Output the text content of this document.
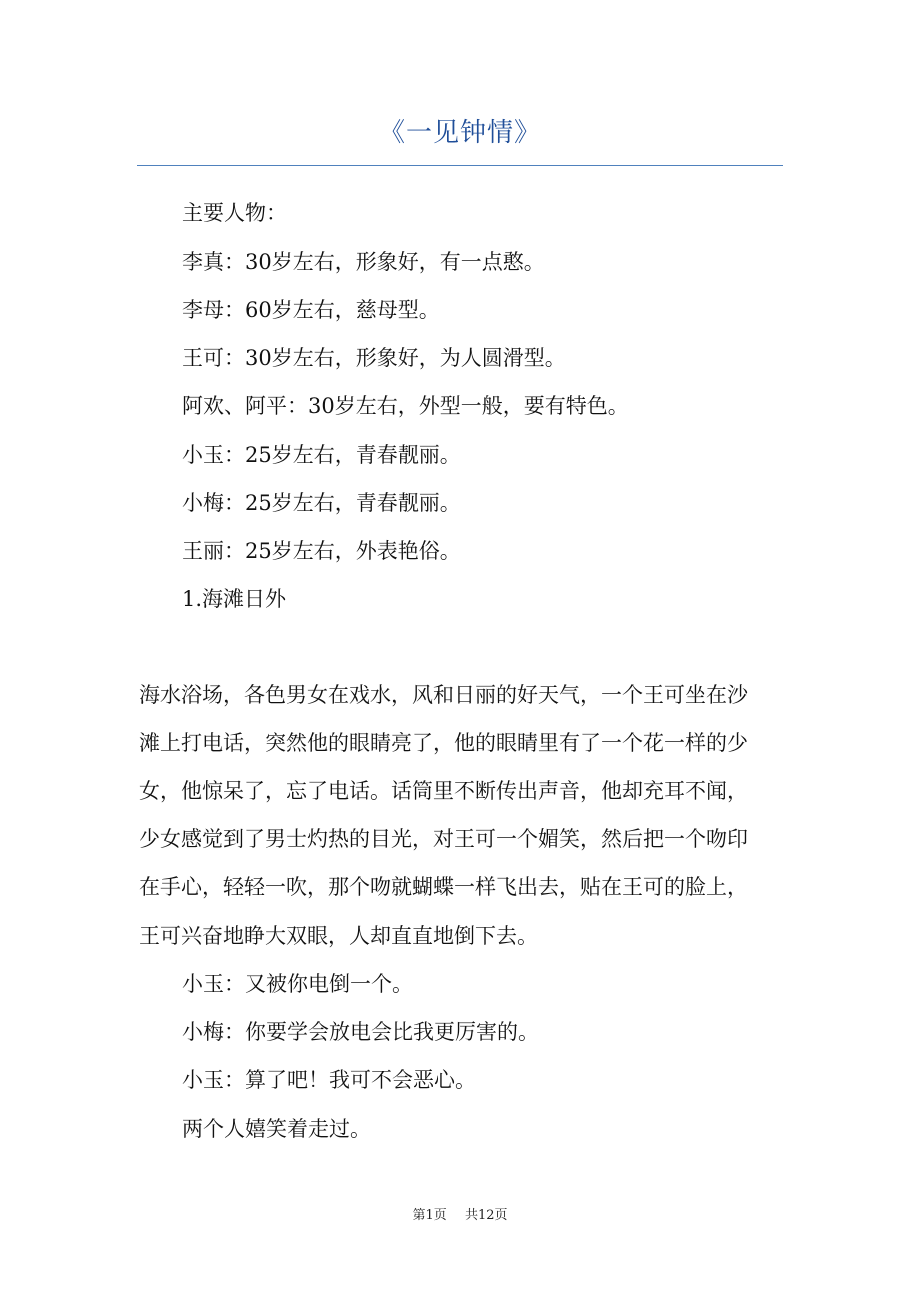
《一见钟情》
主要人物：
李真：30岁左右，形象好，有一点憨。
李母：60岁左右，慈母型。
王可：30岁左右，形象好，为人圆滑型。
阿欢、阿平：30岁左右，外型一般，要有特色。
小玉：25岁左右，青春靓丽。
小梅：25岁左右，青春靓丽。
王丽：25岁左右，外表艳俗。
1.海滩日外
海水浴场，各色男女在戏水，风和日丽的好天气，一个王可坐在沙
滩上打电话，突然他的眼睛亮了，他的眼睛里有了一个花一样的少
女，他惊呆了，忘了电话。话筒里不断传出声音，他却充耳不闻，
少女感觉到了男士灼热的目光，对王可一个媚笑，然后把一个吻印
在手心，轻轻一吹，那个吻就蝴蝶一样飞出去，贴在王可的脸上，
王可兴奋地睁大双眼，人却直直地倒下去。
小玉：又被你电倒一个。
小梅：你要学会放电会比我更厉害的。
小玉：算了吧！我可不会恶心。
两个人嬉笑着走过。
第1页 共12页
